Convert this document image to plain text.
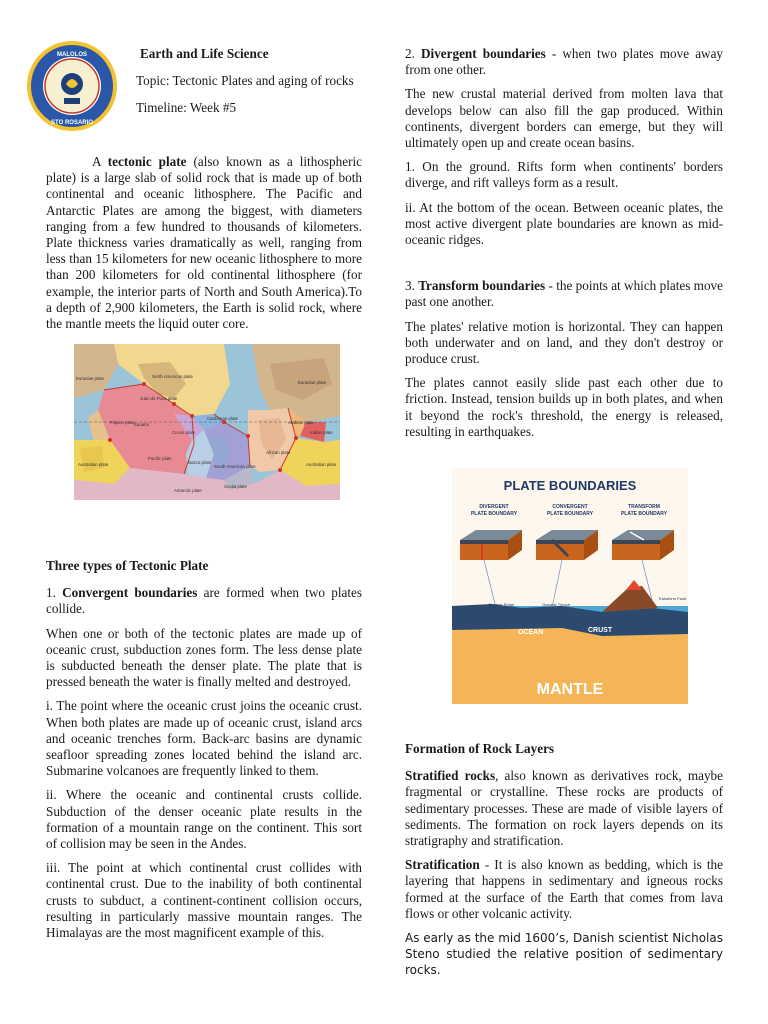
MALOLOS
STO ROSARIO
Earth and Life Science
Topic: Tectonic Plates and aging of rocks
Timeline: Week #5

A tectonic plate (also known as a lithospheric plate) is a large slab of solid rock that is made up of both continental and oceanic lithosphere. The Pacific and Antarctic Plates are among the biggest, with diameters ranging from a few hundred to thousands of kilometers. Plate thickness varies dramatically as well, ranging from less than 15 kilometers for new oceanic lithosphere to more than 200 kilometers for old continental lithosphere (for example, the interior parts of North and South America).To a depth of 2,900 kilometers, the Earth is solid rock, where the mantle meets the liquid outer core.

North American plate
Eurasian plate
Eurasian plate
Juan de Fuca plate
Caribbean plate
Filipino plate Equator
Cocos plate
Pacific plate
Australian plate	Nazca plate
South American plate
African plate
Arabian plate
Indian plate
Australian plate
Scotia plate
Antarctic plate

Three types of Tectonic Plate

1. Convergent boundaries are formed when two plates collide.

When one or both of the tectonic plates are made up of oceanic crust, subduction zones form. The less dense plate is subducted beneath the denser plate. The plate that is pressed beneath the water is finally melted and destroyed.

i. The point where the oceanic crust joins the oceanic crust. When both plates are made up of oceanic crust, island arcs and oceanic trenches form. Back-arc basins are dynamic seafloor spreading zones located behind the island arc. Submarine volcanoes are frequently linked to them.

ii. Where the oceanic and continental crusts collide. Subduction of the denser oceanic plate results in the formation of a mountain range on the continent. This sort of collision may be seen in the Andes.

iii. The point at which continental crust collides with continental crust. Due to the inability of both continental crusts to subduct, a continent-continent collision occurs, resulting in particularly massive mountain ranges. The Himalayas are the most magnificent example of this.

2. Divergent boundaries - when two plates move away from one other.

The new crustal material derived from molten lava that develops below can also fill the gap produced. Within continents, divergent borders can emerge, but they will ultimately open up and create ocean basins.

1. On the ground. Rifts form when continents' borders diverge, and rift valleys form as a result.

ii. At the bottom of the ocean. Between oceanic plates, the most active divergent plate boundaries are known as mid-oceanic ridges.

3. Transform boundaries - the points at which plates move past one another.

The plates' relative motion is horizontal. They can happen both underwater and on land, and they don't destroy or produce crust.

The plates cannot easily slide past each other due to friction. Instead, tension builds up in both plates, and when it beyond the rock's threshold, the energy is released, resulting in earthquakes.

PLATE BOUNDARIES
DIVERGENT
PLATE BOUNDARY
CONVERGENT
PLATE BOUNDARY
TRANSFORM
PLATE BOUNDARY
OCEAN	CRUST
MANTLE
Oceanic Ridge	Oceanic Trench
Transform Fault

Formation of Rock Layers

Stratified rocks, also known as derivatives rock, maybe fragmental or crystalline. These rocks are products of sedimentary processes. These are made of visible layers of sediments. The formation on rock layers depends on its stratigraphy and stratification.

Stratification - It is also known as bedding, which is the layering that happens in sedimentary and igneous rocks formed at the surface of the Earth that comes from lava flows or other volcanic activity.

As early as the mid 1600’s, Danish scientist Nicholas Steno studied the relative position of sedimentary rocks.
